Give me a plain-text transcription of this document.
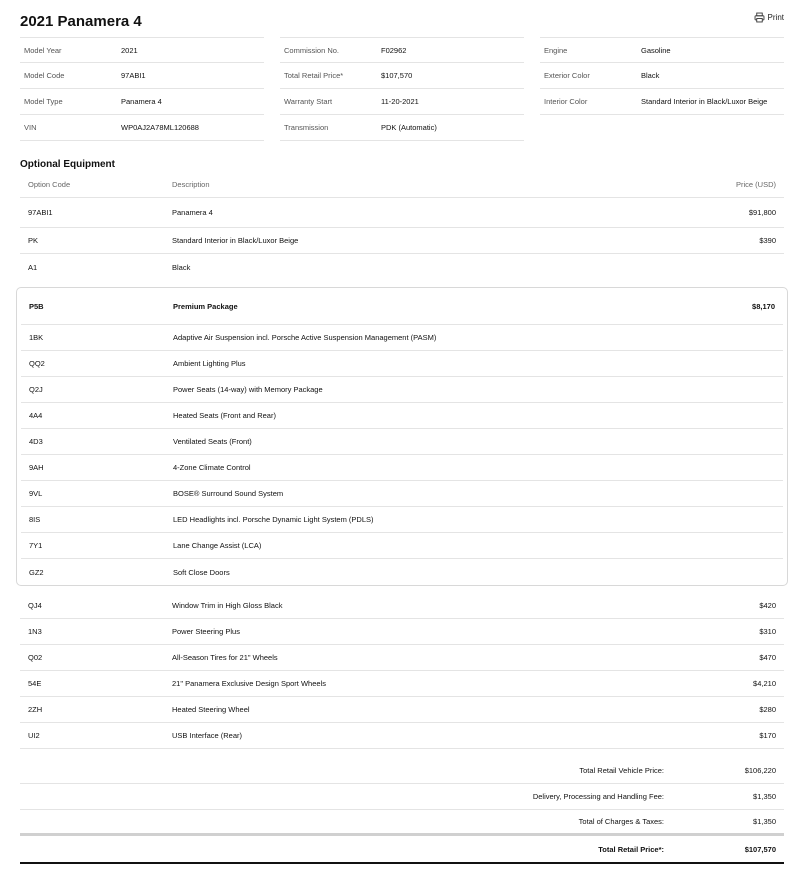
2021 Panamera 4	Print
Model Year	2021
Model Code	97ABI1
Model Type	Panamera 4
VIN	WP0AJ2A78ML120688
Commission No.	F02962
Total Retail Price*	$107,570
Warranty Start	11-20-2021
Transmission	PDK (Automatic)
Engine	Gasoline
Exterior Color	Black
Interior Color	Standard Interior in Black/Luxor Beige
Optional Equipment
Option Code	Description	Price (USD)
97ABI1	Panamera 4	$91,800
PK	Standard Interior in Black/Luxor Beige	$390
A1	Black
P5B	Premium Package	$8,170
1BK	Adaptive Air Suspension incl. Porsche Active Suspension Management (PASM)
QQ2	Ambient Lighting Plus
Q2J	Power Seats (14-way) with Memory Package
4A4	Heated Seats (Front and Rear)
4D3	Ventilated Seats (Front)
9AH	4-Zone Climate Control
9VL	BOSE® Surround Sound System
8IS	LED Headlights incl. Porsche Dynamic Light System (PDLS)
7Y1	Lane Change Assist (LCA)
GZ2	Soft Close Doors
QJ4	Window Trim in High Gloss Black	$420
1N3	Power Steering Plus	$310
Q02	All-Season Tires for 21" Wheels	$470
54E	21" Panamera Exclusive Design Sport Wheels	$4,210
2ZH	Heated Steering Wheel	$280
UI2	USB Interface (Rear)	$170
Total Retail Vehicle Price:	$106,220
Delivery, Processing and Handling Fee:	$1,350
Total of Charges & Taxes:	$1,350
Total Retail Price*:	$107,570
